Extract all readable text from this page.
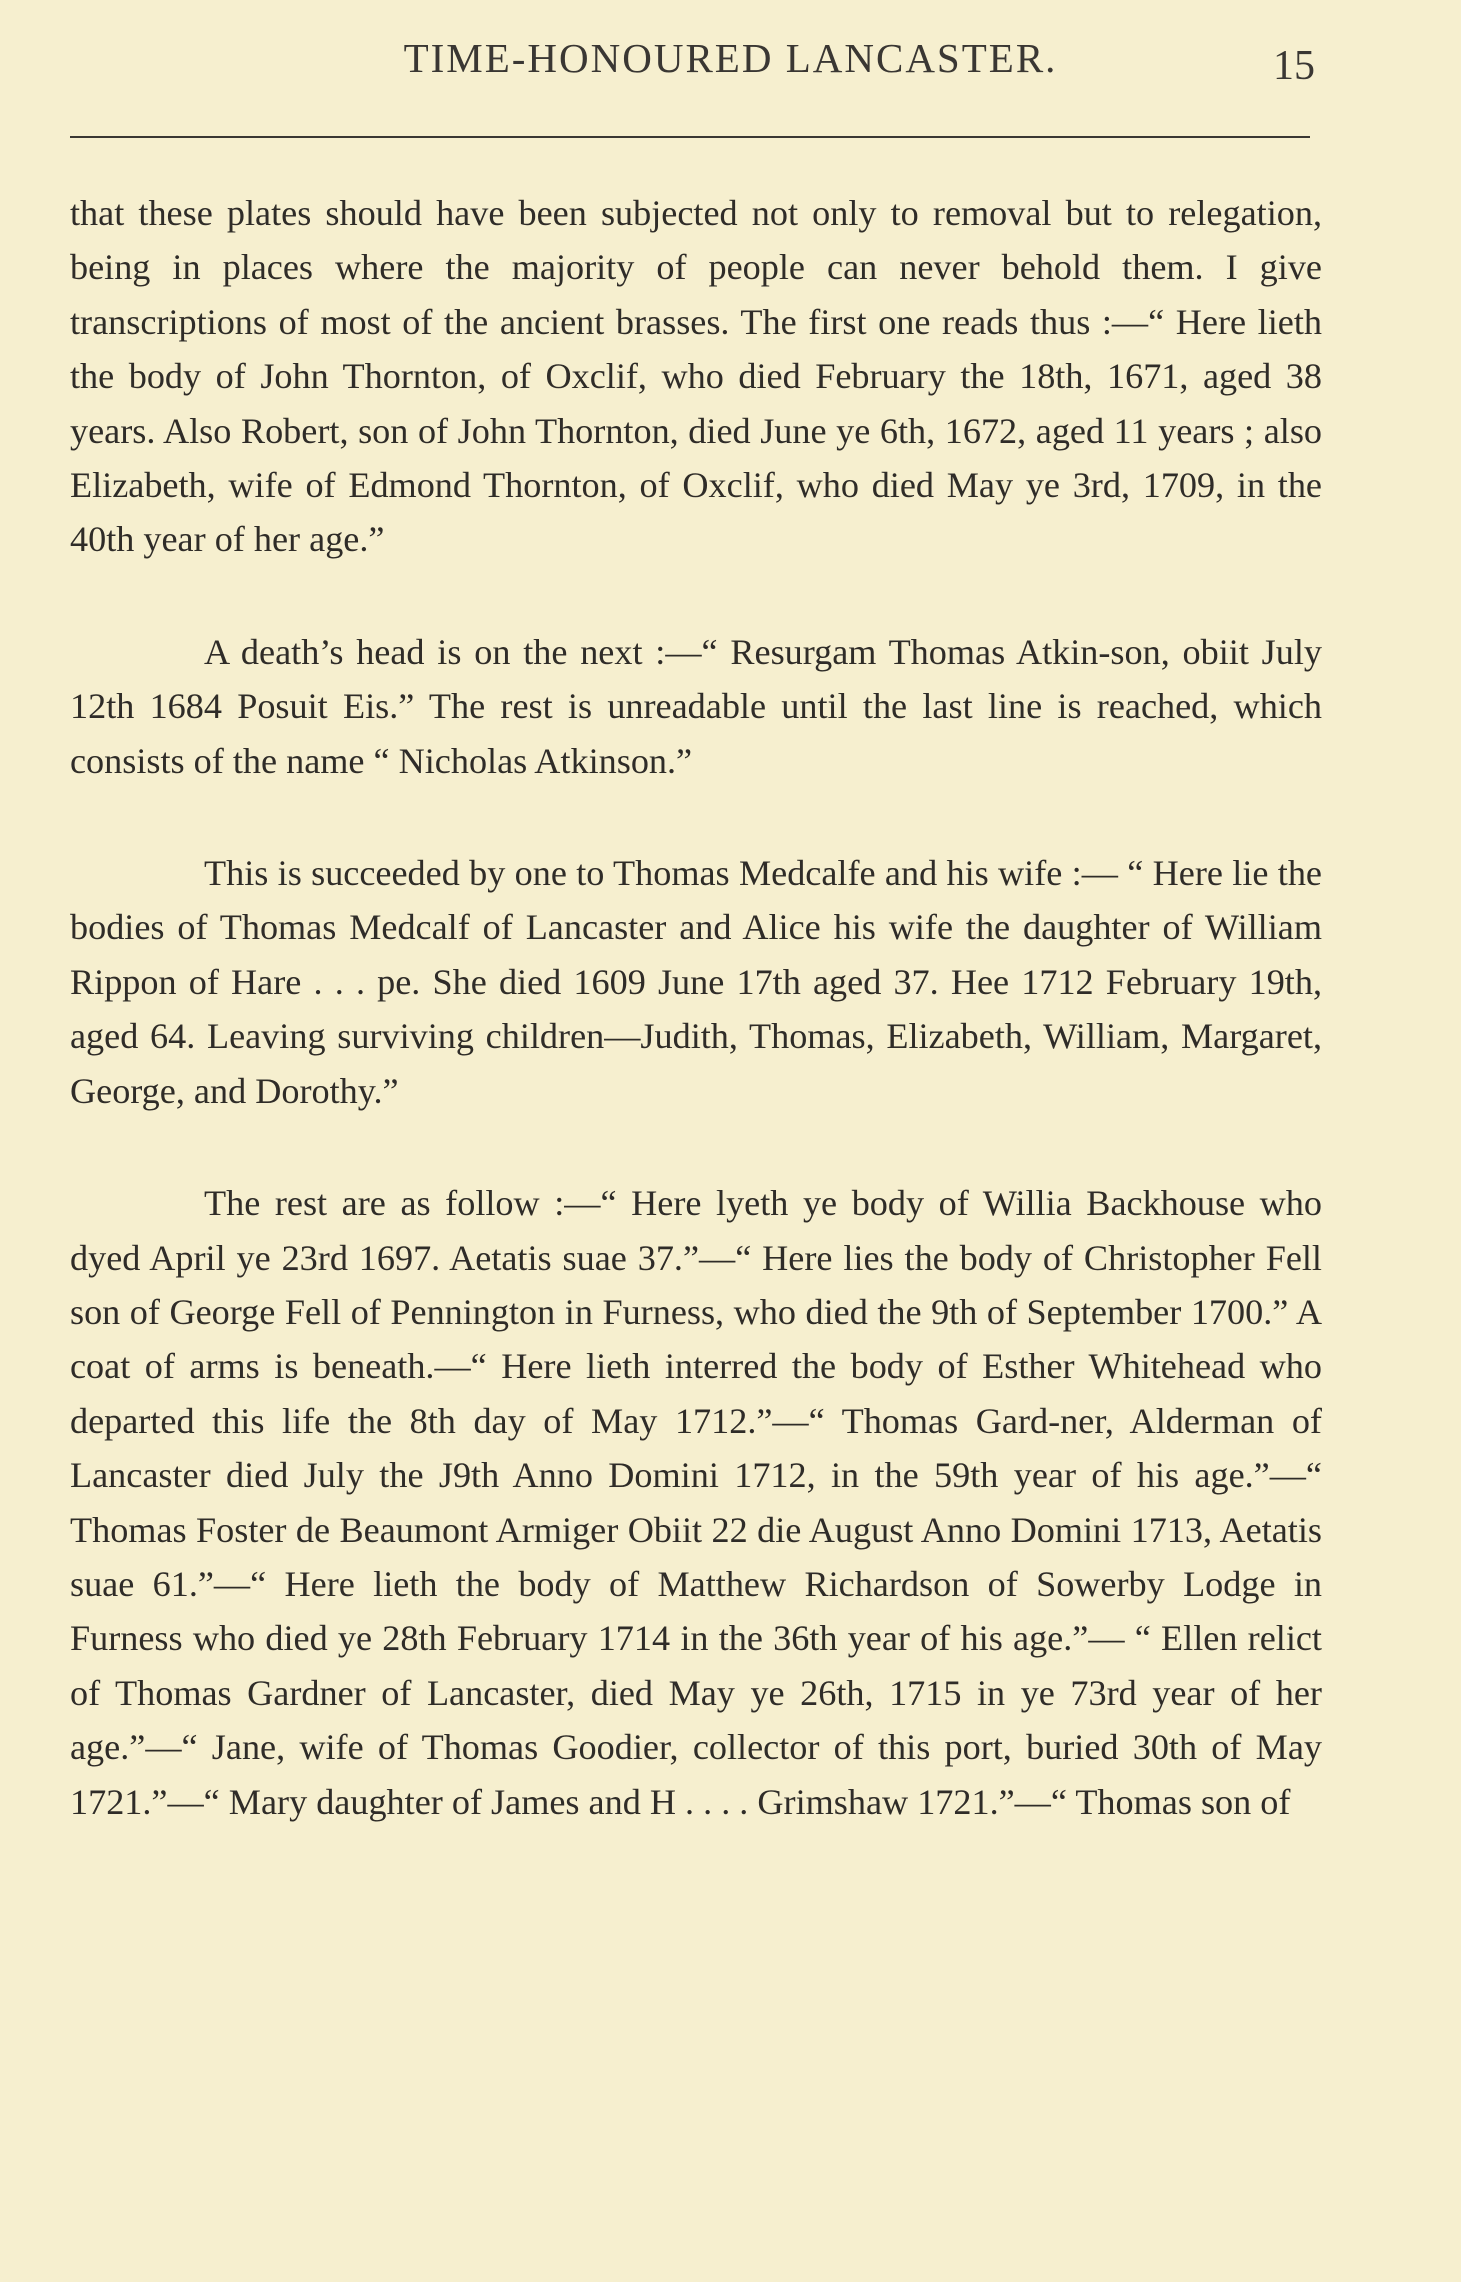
TIME-HONOURED LANCASTER.	15

that these plates should have been subjected not only to removal but to relegation, being in places where the majority of people can never behold them. I give transcriptions of most of the ancient brasses. The first one reads thus :—“ Here lieth the body of John Thornton, of Oxclif, who died February the 18th, 1671, aged 38 years. Also Robert, son of John Thornton, died June ye 6th, 1672, aged 11 years ; also Elizabeth, wife of Edmond Thornton, of Oxclif, who died May ye 3rd, 1709, in the 40th year of her age.”

A death’s head is on the next :—“ Resurgam Thomas Atkin-son, obiit July 12th 1684 Posuit Eis.” The rest is unreadable until the last line is reached, which consists of the name “ Nicholas Atkinson.”

This is succeeded by one to Thomas Medcalfe and his wife :— “ Here lie the bodies of Thomas Medcalf of Lancaster and Alice his wife the daughter of William Rippon of Hare . . . pe. She died 1609 June 17th aged 37. Hee 1712 February 19th, aged 64. Leaving surviving children—Judith, Thomas, Elizabeth, William, Margaret, George, and Dorothy.”

The rest are as follow :—“ Here lyeth ye body of Willia Backhouse who dyed April ye 23rd 1697. Aetatis suae 37.”—“ Here lies the body of Christopher Fell son of George Fell of Pennington in Furness, who died the 9th of September 1700.” A coat of arms is beneath.—“ Here lieth interred the body of Esther Whitehead who departed this life the 8th day of May 1712.”—“ Thomas Gard-ner, Alderman of Lancaster died July the J9th Anno Domini 1712, in the 59th year of his age.”—“ Thomas Foster de Beaumont Armiger Obiit 22 die August Anno Domini 1713, Aetatis suae 61.”—“ Here lieth the body of Matthew Richardson of Sowerby Lodge in Furness who died ye 28th February 1714 in the 36th year of his age.”— “ Ellen relict of Thomas Gardner of Lancaster, died May ye 26th, 1715 in ye 73rd year of her age.”—“ Jane, wife of Thomas Goodier, collector of this port, buried 30th of May 1721.”—“ Mary daughter of James and H . . . . Grimshaw 1721.”—“ Thomas son of
